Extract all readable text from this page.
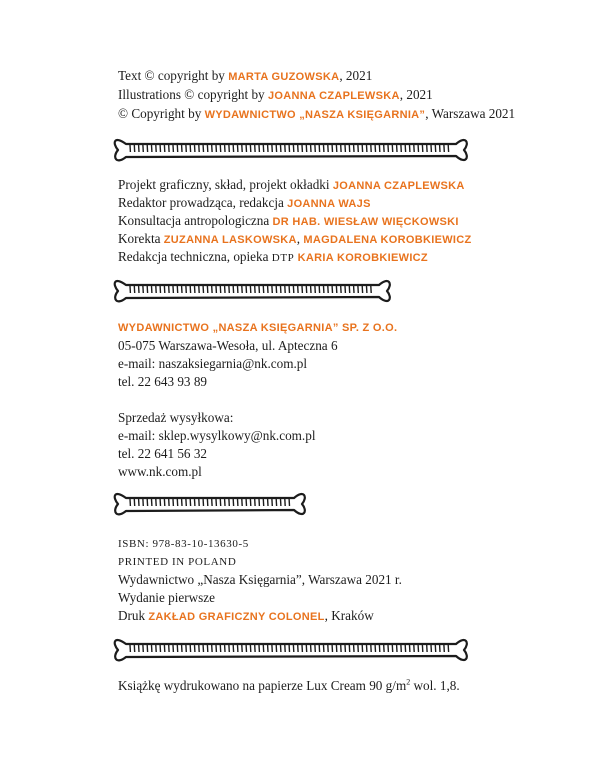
Text © copyright by MARTA GUZOWSKA, 2021
Illustrations © copyright by JOANNA CZAPLEWSKA, 2021
© Copyright by WYDAWNICTWO „NASZA KSIĘGARNIA”, Warszawa 2021
Projekt graficzny, skład, projekt okładki JOANNA CZAPLEWSKA
Redaktor prowadząca, redakcja JOANNA WAJS
Konsultacja antropologiczna DR HAB. WIESŁAW WIĘCKOWSKI
Korekta ZUZANNA LASKOWSKA, MAGDALENA KOROBKIEWICZ
Redakcja techniczna, opieka DTP KARIA KOROBKIEWICZ
WYDAWNICTWO „NASZA KSIĘGARNIA” SP. Z O.O.
05-075 Warszawa-Wesoła, ul. Apteczna 6
e-mail: naszaksiegarnia@nk.com.pl
tel. 22 643 93 89
Sprzedaż wysyłkowa:
e-mail: sklep.wysylkowy@nk.com.pl
tel. 22 641 56 32
www.nk.com.pl
ISBN: 978-83-10-13630-5
PRINTED IN POLAND
Wydawnictwo „Nasza Księgarnia”, Warszawa 2021 r.
Wydanie pierwsze
Druk ZAKŁAD GRAFICZNY COLONEL, Kraków
Książkę wydrukowano na papierze Lux Cream 90 $g/m^2$ wol. 1,8.
